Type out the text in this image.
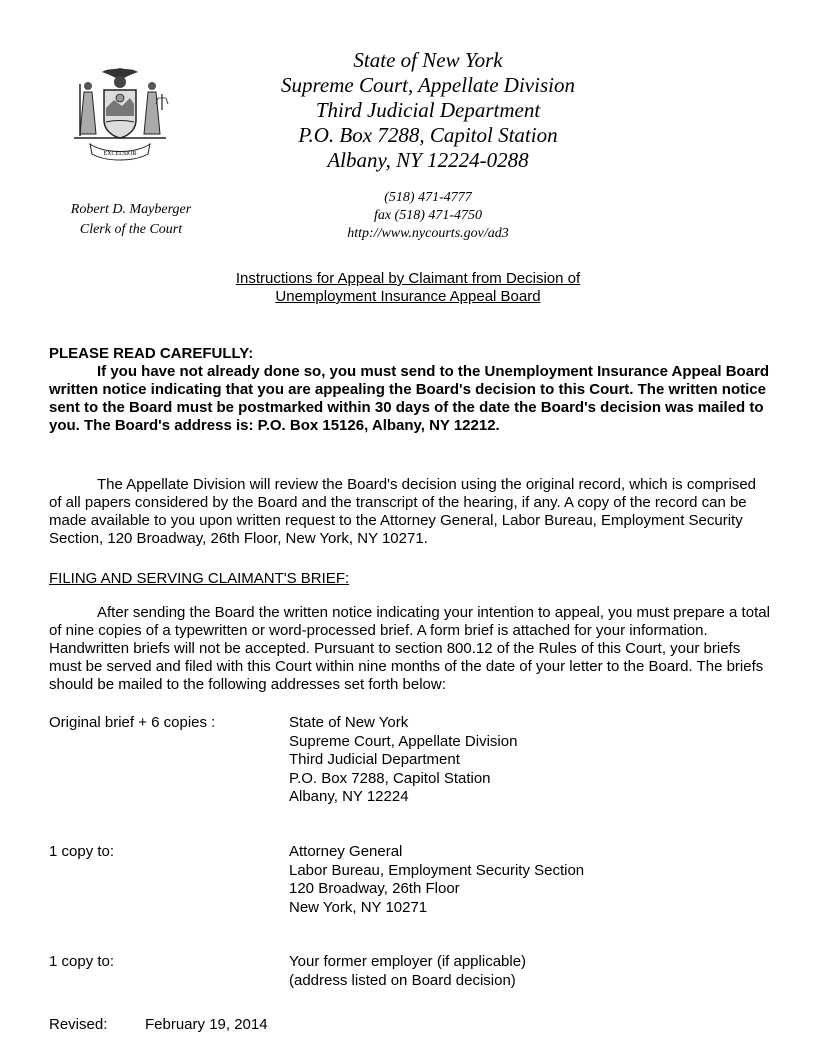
EXCELSIOR

State of New York

Supreme Court, Appellate Division

Third Judicial Department

P.O. Box 7288, Capitol Station

Albany, NY 12224-0288

(518) 471-4777

fax (518) 471-4750

http://www.nycourts.gov/ad3

Robert D. Mayberger

Clerk of the Court

Instructions for Appeal by Claimant from Decision of

Unemployment Insurance Appeal Board

PLEASE READ CAREFULLY:

If you have not already done so, you must send to the Unemployment Insurance Appeal Board written notice indicating that you are appealing the Board's decision to this Court. The written notice sent to the Board must be postmarked within 30 days of the date the Board's decision was mailed to you. The Board's address is: P.O. Box 15126, Albany, NY 12212.

The Appellate Division will review the Board's decision using the original record, which is comprised of all papers considered by the Board and the transcript of the hearing, if any. A copy of the record can be made available to you upon written request to the Attorney General, Labor Bureau, Employment Security Section, 120 Broadway, 26th Floor, New York, NY 10271.

FILING AND SERVING CLAIMANT'S BRIEF:

After sending the Board the written notice indicating your intention to appeal, you must prepare a total of nine copies of a typewritten or word-processed brief. A form brief is attached for your information. Handwritten briefs will not be accepted. Pursuant to section 800.12 of the Rules of this Court, your briefs must be served and filed with this Court within nine months of the date of your letter to the Board. The briefs should be mailed to the following addresses set forth below:

Original brief + 6 copies :	State of New York

Supreme Court, Appellate Division

Third Judicial Department

P.O. Box 7288, Capitol Station

Albany, NY 12224

1 copy to:	Attorney General

Labor Bureau, Employment Security Section

120 Broadway, 26th Floor

New York, NY 10271

1 copy to:	Your former employer (if applicable)

(address listed on Board decision)

Revised:	February 19, 2014
